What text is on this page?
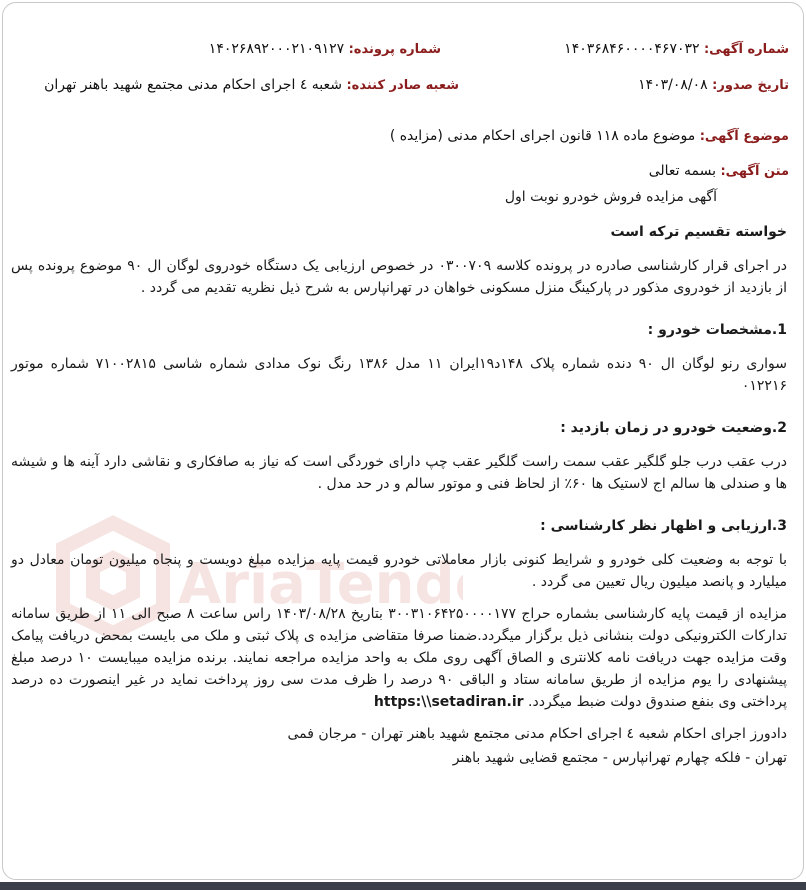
AriaTend
شماره آگهی: ۱۴۰۳۶۸۴۶۰۰۰۰۴۶۷۰۳۲
شماره پرونده: ۱۴۰۲۶۸۹۲۰۰۰۲۱۰۹۱۲۷
تاریخ صدور: ۱۴۰۳/۰۸/۰۸
شعبه صادر کننده: شعبه ٤ اجرای احکام مدنی مجتمع شهید باهنر تهران
موضوع آگهی: موضوع ماده ۱۱۸ قانون اجرای احکام مدنی (مزایده )
متن آگهی: بسمه تعالی
آگهی مزایده فروش خودرو نوبت اول
خواسته تقسیم ترکه است
در اجرای قرار کارشناسی صادره در پرونده کلاسه ۰۳۰۰۷۰۹ در خصوص ارزیابی یک دستگاه خودروی لوگان ال ۹۰ موضوع پرونده پس از بازدید از خودروی مذکور در پارکینگ منزل مسکونی خواهان در تهرانپارس به شرح ذیل نظریه تقدیم می گردد .
1.مشخصات خودرو :
سواری رنو لوگان ال ۹۰ دنده شماره پلاک ۱۴۸د۱۹ایران ۱۱ مدل ۱۳۸۶ رنگ نوک مدادی شماره شاسی ۷۱۰۰۲۸۱۵ شماره موتور ۰۱۲۲۱۶
2.وضعیت خودرو در زمان بازدید :
درب عقب درب جلو گلگیر عقب سمت راست گلگیر عقب چپ دارای خوردگی است که نیاز به صافکاری و نقاشی دارد آینه ها و شیشه ها و صندلی ها سالم اج لاستیک ها ۶۰٪ از لحاظ فنی و موتور سالم و در حد مدل .
3.ارزیابی و اظهار نظر کارشناسی :
با توجه به وضعیت کلی خودرو و شرایط کنونی بازار معاملاتی خودرو قیمت پایه مزایده مبلغ دویست و پنجاه میلیون تومان معادل دو میلیارد و پانصد میلیون ریال تعیین می گردد .
مزایده از قیمت پایه کارشناسی بشماره حراج ۳۰۰۳۱۰۶۴۲۵۰۰۰۰۱۷۷ بتاریخ ۱۴۰۳/۰۸/۲۸ راس ساعت ۸ صبح الی ۱۱ از طریق سامانه تدارکات الکترونیکی دولت بنشانی ذیل برگزار میگردد.ضمنا صرفا متقاضی مزایده ی پلاک ثبتی و ملک می بایست بمحض دریافت پیامک وقت مزایده جهت دریافت نامه کلانتری و الصاق آگهی روی ملک به واحد مزایده مراجعه نمایند. برنده مزایده میبایست ۱۰ درصد مبلغ پیشنهادی را یوم مزایده از طریق سامانه ستاد و الباقی ۹۰ درصد را ظرف مدت سی روز پرداخت نماید در غیر اینصورت ده درصد پرداختی وی بنفع صندوق دولت ضبط میگردد. https:\\setadiran.ir
دادورز اجرای احکام شعبه ٤ اجرای احکام مدنی مجتمع شهید باهنر تهران - مرجان فمی
تهران - فلکه چهارم تهرانپارس - مجتمع قضایی شهید باهنر
